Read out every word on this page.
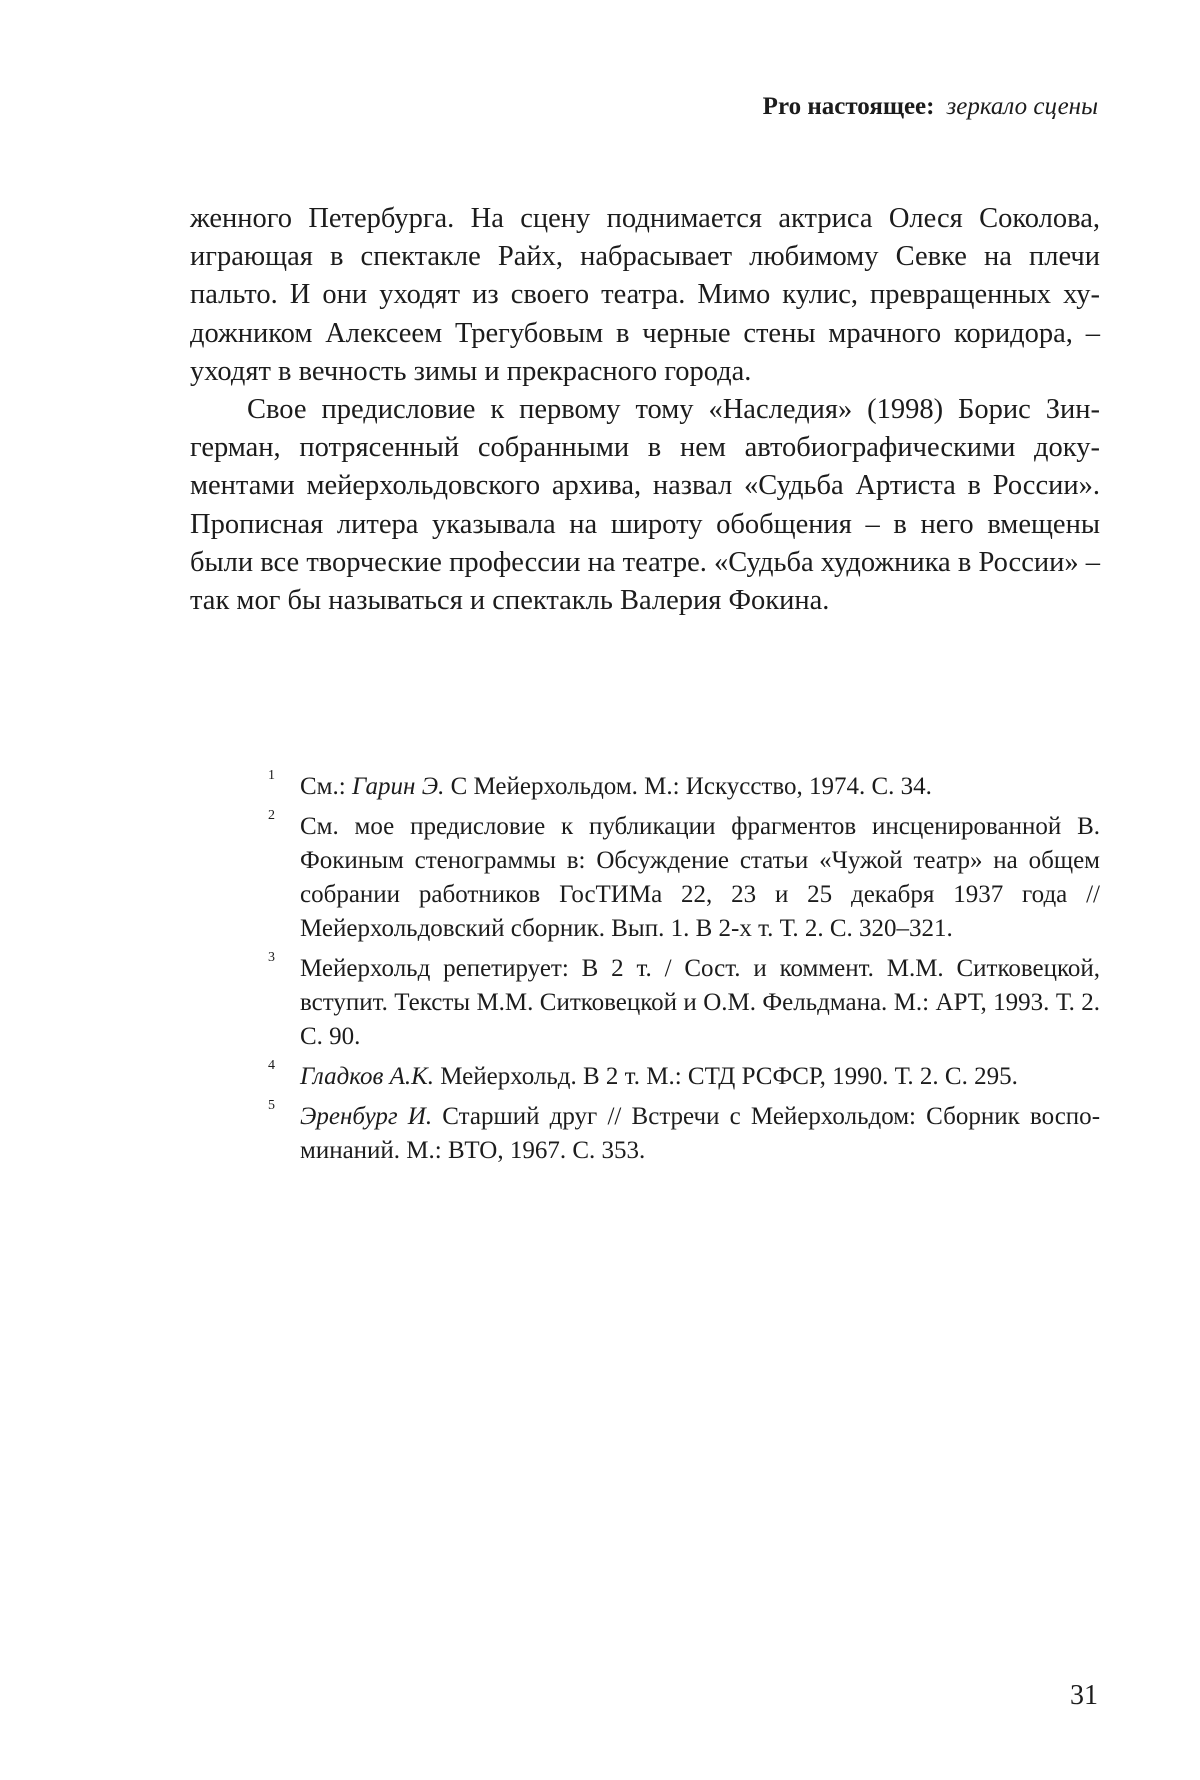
Pro настоящее: зеркало сцены

женного Петербурга. На сцену поднимается актриса Олеся Соколова, играющая в спектакле Райх, набрасывает любимому Севке на плечи пальто. И они уходят из своего театра. Мимо кулис, превращенных ху­дожником Алексеем Трегубовым в черные стены мрачного коридора, – уходят в вечность зимы и прекрасного города.

Свое предисловие к первому тому «Наследия» (1998) Борис Зин­герман, потрясенный собранными в нем автобиографическими доку­ментами мейерхольдовского архива, назвал «Судьба Артиста в России». Прописная литера указывала на широту обобщения – в него вмещены были все творческие профессии на театре. «Судьба художника в Рос­сии» – так мог бы называться и спектакль Валерия Фокина.

1 См.: Гарин Э. С Мейерхольдом. М.: Искусство, 1974. С. 34.
2 См. мое предисловие к публикации фрагментов инсценированной В. Фокиным стенограммы в: Обсуждение статьи «Чужой театр» на об­щем собрании работников ГосТИМа 22, 23 и 25 декабря 1937 года // Мейерхольдовский сборник. Вып. 1. В 2-х т. Т. 2. С. 320–321.
3 Мейерхольд репетирует: В 2 т. / Сост. и коммент. М.М. Ситковецкой, вступит. Тексты М.М. Ситковецкой и О.М. Фельдмана. М.: АРТ, 1993. Т. 2. С. 90.
4 Гладков А.К. Мейерхольд. В 2 т. М.: СТД РСФСР, 1990. Т. 2. С. 295.
5 Эренбург И. Старший друг // Встречи с Мейерхольдом: Сборник воспо­минаний. М.: ВТО, 1967. С. 353.
31
